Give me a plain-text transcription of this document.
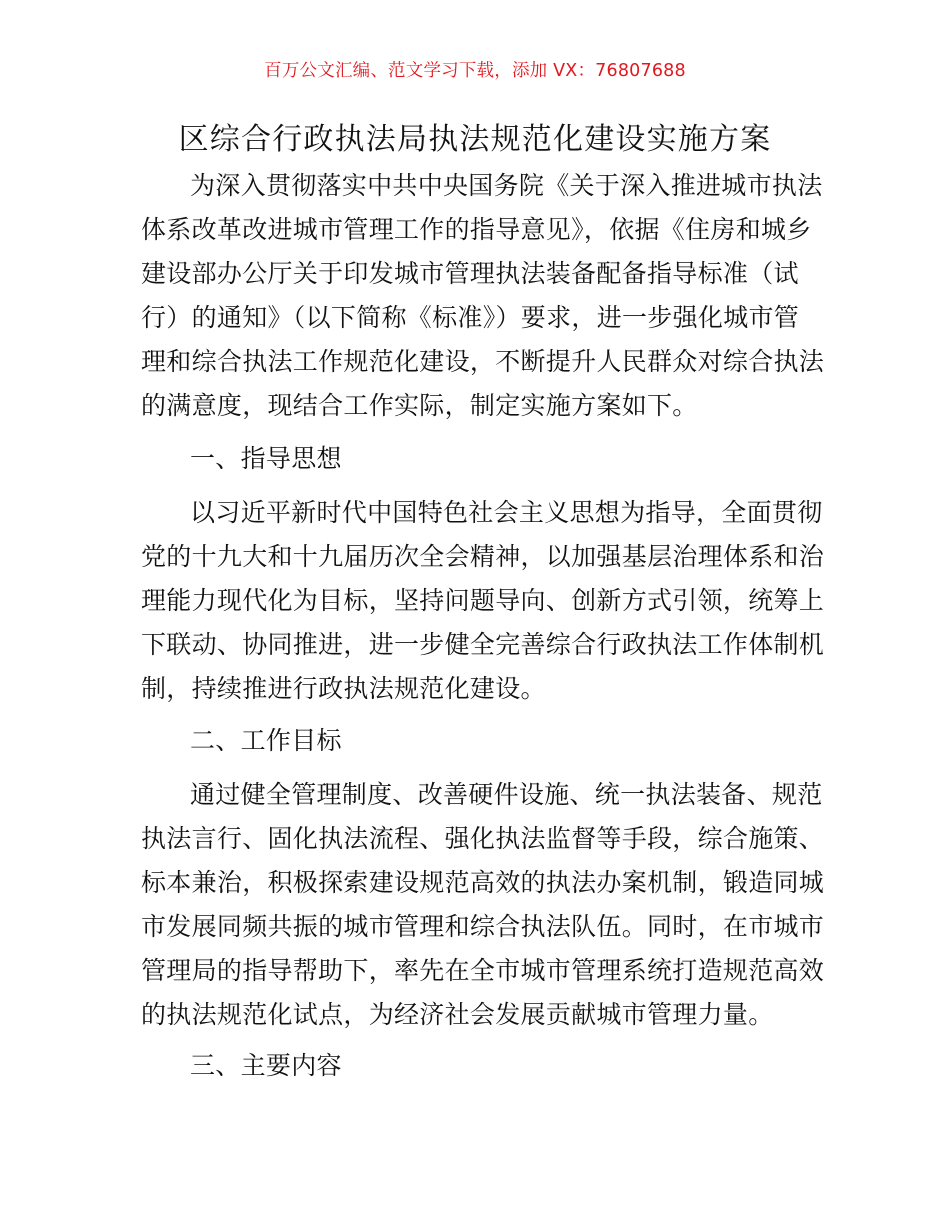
百万公文汇编、范文学习下载，添加 VX：76807688
区综合行政执法局执法规范化建设实施方案
为深入贯彻落实中共中央国务院《关于深入推进城市执法
体系改革改进城市管理工作的指导意见》，依据《住房和城乡
建设部办公厅关于印发城市管理执法装备配备指导标准（试
行）的通知》（以下简称《标准》）要求，进一步强化城市管
理和综合执法工作规范化建设，不断提升人民群众对综合执法
的满意度，现结合工作实际，制定实施方案如下。
一、指导思想
以习近平新时代中国特色社会主义思想为指导，全面贯彻
党的十九大和十九届历次全会精神，以加强基层治理体系和治
理能力现代化为目标，坚持问题导向、创新方式引领，统筹上
下联动、协同推进，进一步健全完善综合行政执法工作体制机
制，持续推进行政执法规范化建设。
二、工作目标
通过健全管理制度、改善硬件设施、统一执法装备、规范
执法言行、固化执法流程、强化执法监督等手段，综合施策、
标本兼治，积极探索建设规范高效的执法办案机制，锻造同城
市发展同频共振的城市管理和综合执法队伍。同时，在市城市
管理局的指导帮助下，率先在全市城市管理系统打造规范高效
的执法规范化试点，为经济社会发展贡献城市管理力量。
三、主要内容
